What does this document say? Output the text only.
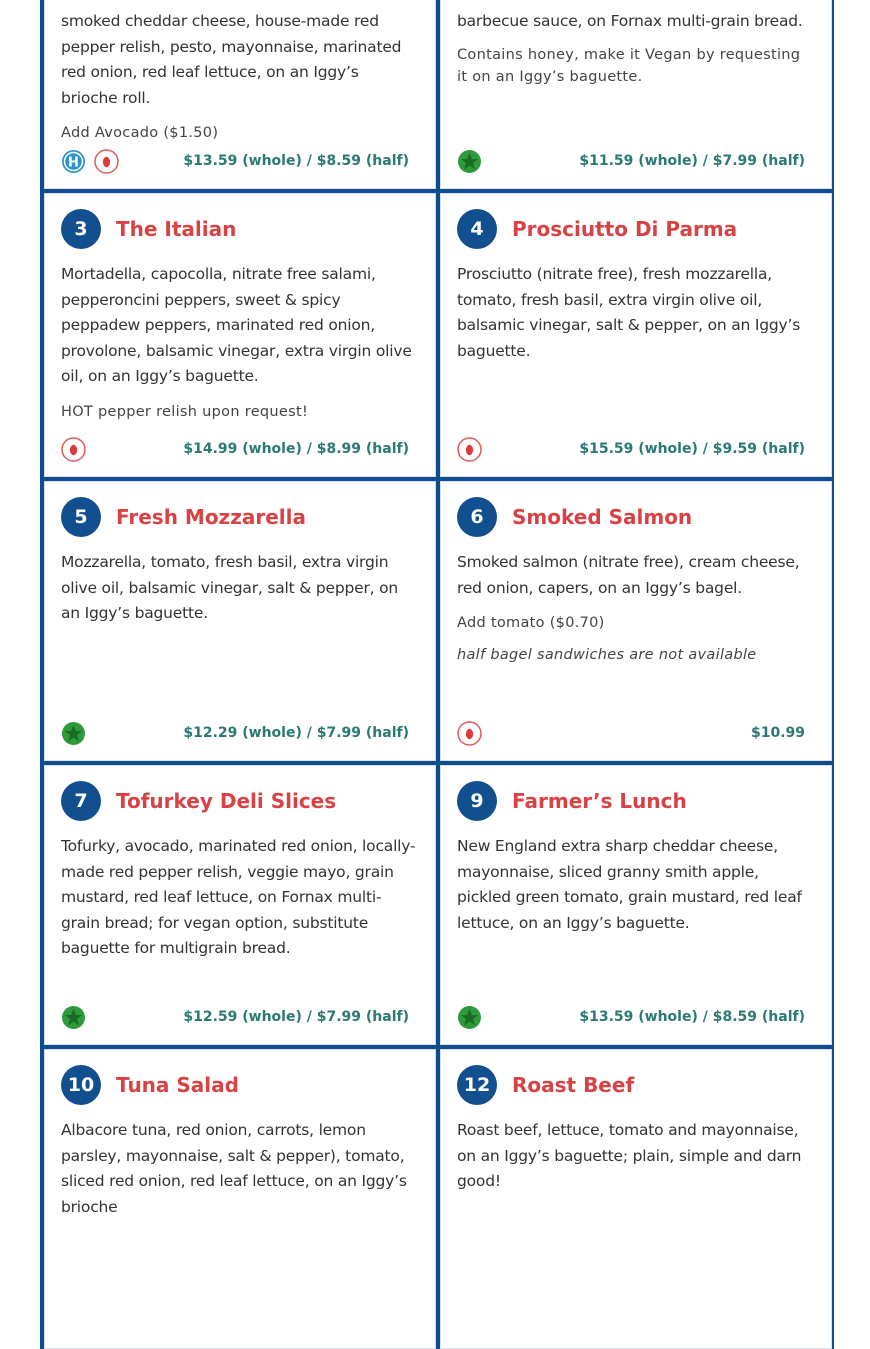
smoked cheddar cheese, house-made red pepper relish, pesto, mayonnaise, marinated red onion, red leaf lettuce, on an Iggy’s brioche roll.

Add Avocado ($1.50)

H	$13.59 (whole) / $8.59 (half)

barbecue sauce, on Fornax multi-grain bread.

Contains honey, make it Vegan by requesting it on an Iggy’s baguette.

$11.59 (whole) / $7.99 (half)
3	The Italian

Mortadella, capocolla, nitrate free salami, pepperoncini peppers, sweet & spicy peppadew peppers, marinated red onion, provolone, balsamic vinegar, extra virgin olive oil, on an Iggy’s baguette.

HOT pepper relish upon request!

$14.99 (whole) / $8.99 (half)
4	Prosciutto Di Parma

Prosciutto (nitrate free), fresh mozzarella, tomato, fresh basil, extra virgin olive oil, balsamic vinegar, salt & pepper, on an Iggy’s baguette.

$15.59 (whole) / $9.59 (half)
5	Fresh Mozzarella

Mozzarella, tomato, fresh basil, extra virgin olive oil, balsamic vinegar, salt & pepper, on an Iggy’s baguette.

$12.29 (whole) / $7.99 (half)
6	Smoked Salmon

Smoked salmon (nitrate free), cream cheese, red onion, capers, on an Iggy’s bagel.

Add tomato ($0.70)

half bagel sandwiches are not available

$10.99
7	Tofurkey Deli Slices

Tofurky, avocado, marinated red onion, locally-made red pepper relish, veggie mayo, grain mustard, red leaf lettuce, on Fornax multi-grain bread; for vegan option, substitute baguette for multigrain bread.

$12.59 (whole) / $7.99 (half)
9	Farmer’s Lunch

New England extra sharp cheddar cheese, mayonnaise, sliced granny smith apple, pickled green tomato, grain mustard, red leaf lettuce, on an Iggy’s baguette.

$13.59 (whole) / $8.59 (half)
10	Tuna Salad

Albacore tuna, red onion, carrots, lemon parsley, mayonnaise, salt & pepper), tomato, sliced red onion, red leaf lettuce, on an Iggy’s brioche

12	Roast Beef

Roast beef, lettuce, tomato and mayonnaise, on an Iggy’s baguette; plain, simple and darn good!
